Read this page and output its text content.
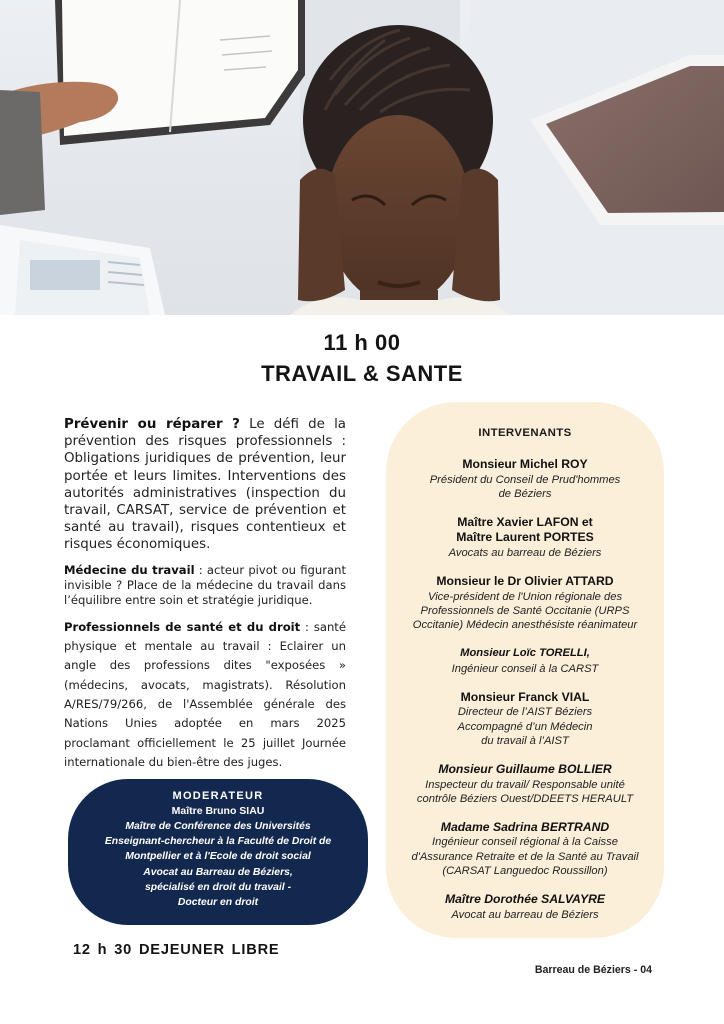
11 h 00
TRAVAIL & SANTE

Prévenir ou réparer ? Le défi de la prévention des risques professionnels : Obligations juridiques de prévention, leur portée et leurs limites. Interventions des autorités administratives (inspection du travail, CARSAT, service de prévention et santé au travail), risques contentieux et risques économiques.

Médecine du travail : acteur pivot ou figurant invisible ? Place de la médecine du travail dans l’équilibre entre soin et stratégie juridique.

Professionnels de santé et du droit : santé physique et mentale au travail : Eclairer un angle des professions dites "exposées » (médecins, avocats, magistrats). Résolution A/RES/79/266, de l'Assemblée générale des Nations Unies adoptée en mars 2025 proclamant officiellement le 25 juillet Journée internationale du bien-être des juges.

MODERATEUR
Maître Bruno SIAU
Maître de Conférence des Universités
Enseignant-chercheur à la Faculté de Droit de
Montpellier et à l'Ecole de droit social
Avocat au Barreau de Béziers,
spécialisé en droit du travail -
Docteur en droit
INTERVENANTS
Monsieur Michel ROY
Président du Conseil de Prud'hommes
de Béziers
Maître Xavier LAFON et
Maître Laurent PORTES
Avocats au barreau de Béziers
Monsieur le Dr Olivier ATTARD
Vice-président de l'Union régionale des
Professionnels de Santé Occitanie (URPS
Occitanie) Médecin anesthésiste réanimateur
Monsieur Loïc TORELLI,
Ingénieur conseil à la CARST
Monsieur Franck VIAL
Directeur de l’AIST Béziers
Accompagné d’un Médecin
du travail à l’AIST
Monsieur Guillaume BOLLIER
Inspecteur du travail/ Responsable unité
contrôle Béziers Ouest/DDEETS HERAULT
Madame Sadrina BERTRAND
Ingénieur conseil régional à la Caisse
d'Assurance Retraite et de la Santé au Travail
(CARSAT Languedoc Roussillon)
Maître Dorothée SALVAYRE
Avocat au barreau de Béziers
12 h 30 DEJEUNER LIBRE
Barreau de Béziers - 04
